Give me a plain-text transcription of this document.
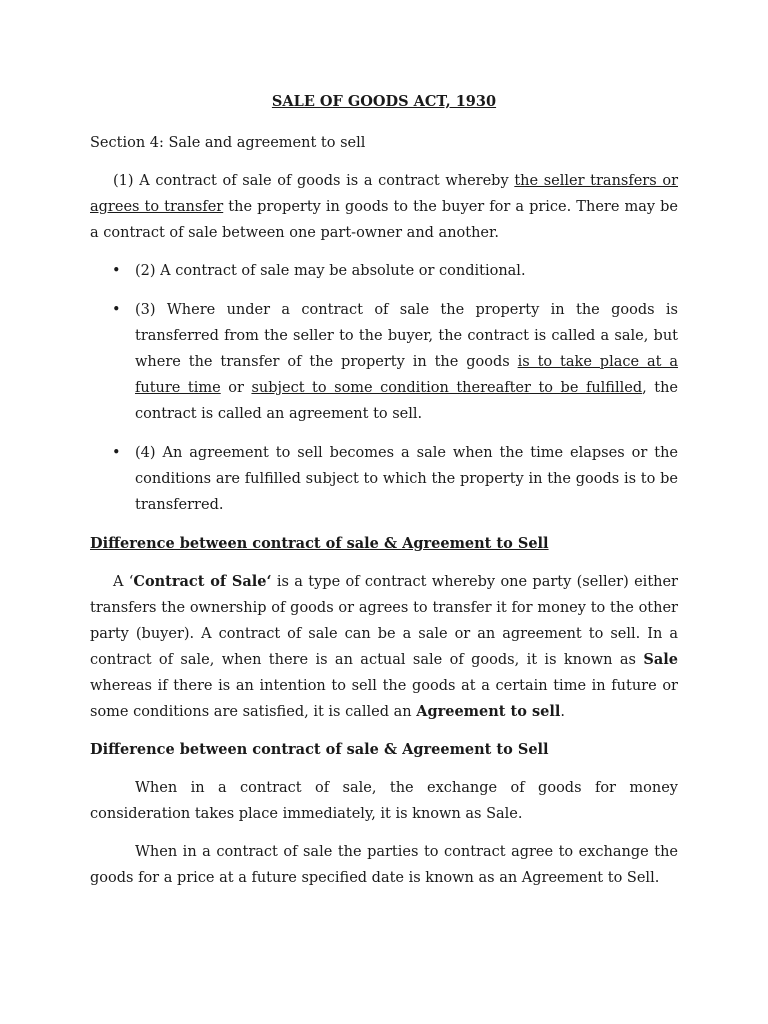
SALE OF GOODS ACT, 1930
Section 4: Sale and agreement to sell

(1) A contract of sale of goods is a contract whereby the seller transfers or agrees to transfer the property in goods to the buyer for a price. There may be a contract of sale between one part-owner and another.

• (2) A contract of sale may be absolute or conditional.
• (3) Where under a contract of sale the property in the goods is transferred from the seller to the buyer, the contract is called a sale, but where the transfer of the property in the goods is to take place at a future time or subject to some condition thereafter to be fulfilled, the contract is called an agreement to sell.
• (4) An agreement to sell becomes a sale when the time elapses or the conditions are fulfilled subject to which the property in the goods is to be transferred.
Difference between contract of sale & Agreement to Sell

A ‘Contract of Sale‘ is a type of contract whereby one party (seller) either transfers the ownership of goods or agrees to transfer it for money to the other party (buyer). A contract of sale can be a sale or an agreement to sell. In a contract of sale, when there is an actual sale of goods, it is known as Sale whereas if there is an intention to sell the goods at a certain time in future or some conditions are satisfied, it is called an Agreement to sell.

Difference between contract of sale & Agreement to Sell

When in a contract of sale, the exchange of goods for money consideration takes place immediately, it is known as Sale.

When in a contract of sale the parties to contract agree to exchange the goods for a price at a future specified date is known as an Agreement to Sell.
